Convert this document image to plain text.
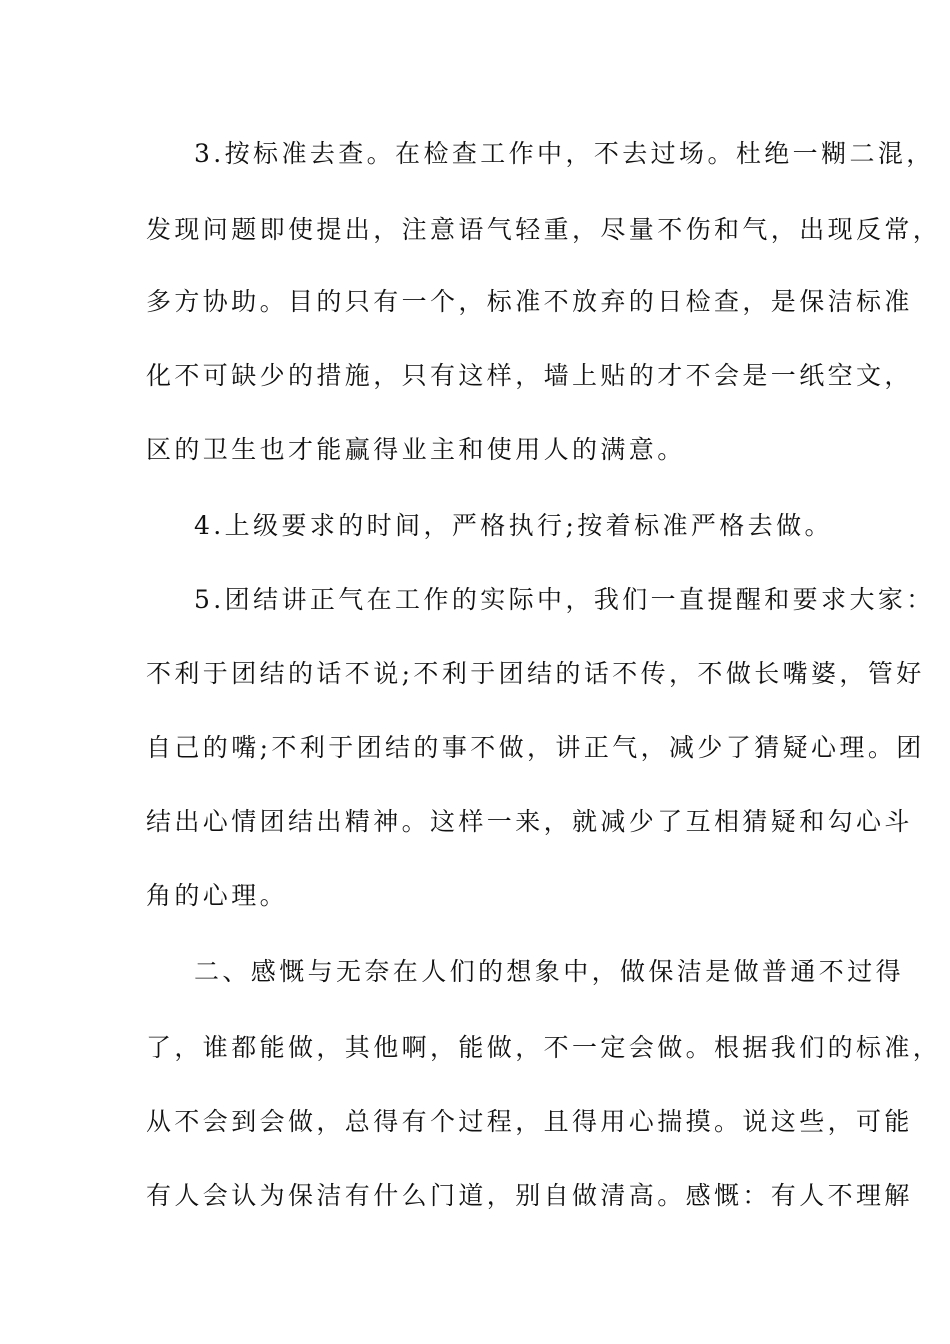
3.按标准去查。在检查工作中，不去过场。杜绝一糊二混，
发现问题即使提出，注意语气轻重，尽量不伤和气，出现反常，
多方协助。目的只有一个，标准不放弃的日检查，是保洁标准
化不可缺少的措施，只有这样，墙上贴的才不会是一纸空文，
区的卫生也才能赢得业主和使用人的满意。
4.上级要求的时间，严格执行;按着标准严格去做。
5.团结讲正气在工作的实际中，我们一直提醒和要求大家：
不利于团结的话不说;不利于团结的话不传，不做长嘴婆，管好
自己的嘴;不利于团结的事不做，讲正气，减少了猜疑心理。团
结出心情团结出精神。这样一来，就减少了互相猜疑和勾心斗
角的心理。
二、感慨与无奈在人们的想象中，做保洁是做普通不过得
了，谁都能做，其他啊，能做，不一定会做。根据我们的标准，
从不会到会做，总得有个过程，且得用心揣摸。说这些，可能
有人会认为保洁有什么门道，别自做清高。感慨：有人不理解
